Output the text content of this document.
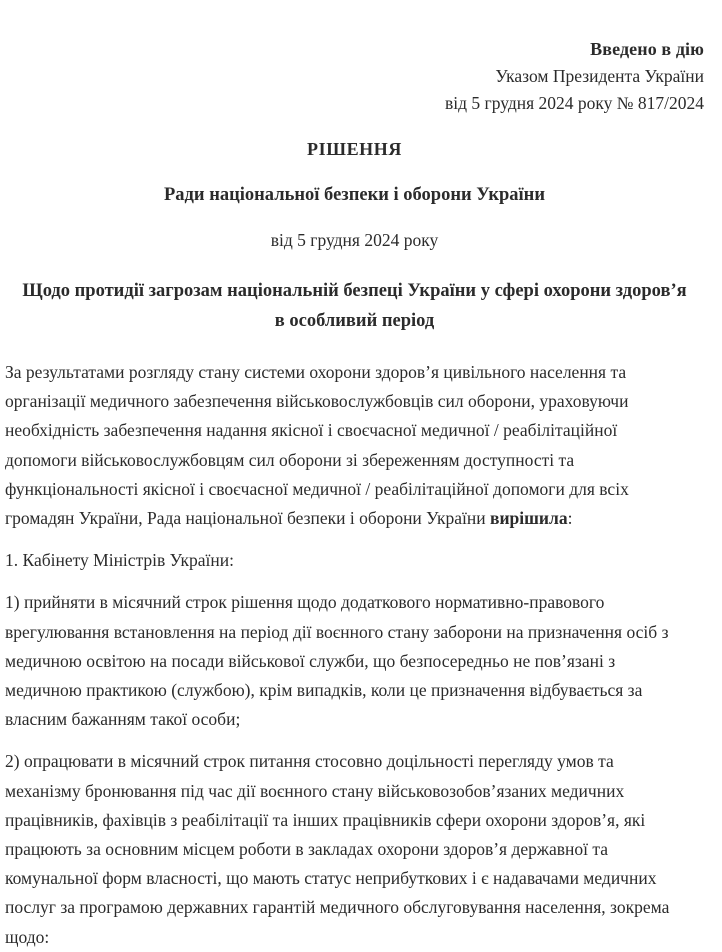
Введено в дію
Указом Президента України
від 5 грудня 2024 року № 817/2024
РІШЕННЯ
Ради національної безпеки і оборони України
від 5 грудня 2024 року
Щодо протидії загрозам національній безпеці України у сфері охорони здоров’я в особливий період

За результатами розгляду стану системи охорони здоров’я цивільного населення та організації медичного забезпечення військовослужбовців сил оборони, ураховуючи необхідність забезпечення надання якісної і своєчасної медичної / реабілітаційної допомоги військовослужбовцям сил оборони зі збереженням доступності та функціональності якісної і своєчасної медичної / реабілітаційної допомоги для всіх громадян України, Рада національної безпеки і оборони України вирішила:

1. Кабінету Міністрів України:

1) прийняти в місячний строк рішення щодо додаткового нормативно-правового врегулювання встановлення на період дії воєнного стану заборони на призначення осіб з медичною освітою на посади військової служби, що безпосередньо не пов’язані з медичною практикою (службою), крім випадків, коли це призначення відбувається за власним бажанням такої особи;

2) опрацювати в місячний строк питання стосовно доцільності перегляду умов та механізму бронювання під час дії воєнного стану військовозобов’язаних медичних працівників, фахівців з реабілітації та інших працівників сфери охорони здоров’я, які працюють за основним місцем роботи в закладах охорони здоров’я державної та комунальної форм власності, що мають статус неприбуткових і є надавачами медичних послуг за програмою державних гарантій медичного обслуговування населення, зокрема щодо:
